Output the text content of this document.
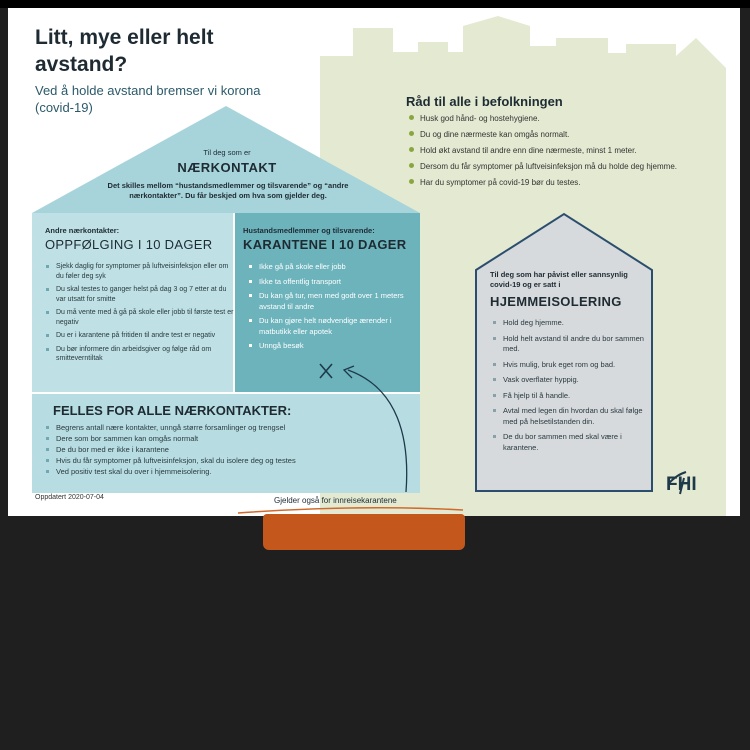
Litt, mye eller helt avstand?
Ved å holde avstand bremser vi korona (covid-19)	Råd til alle i befolkningen
Husk god hånd- og hostehygiene.
Du og dine nærmeste kan omgås normalt.
Hold økt avstand til andre enn dine nærmeste, minst 1 meter.
Dersom du får symptomer på luftveisinfeksjon må du holde deg hjemme.
Har du symptomer på covid-19 bør du testes.
Til deg som er
NÆRKONTAKT
Det skilles mellom “hustandsmedlemmer og tilsvarende” og “andre nærkontakter”. Du får beskjed om hva som gjelder deg.
Andre nærkontakter:
OPPFØLGING I 10 DAGER
Sjekk daglig for symptomer på luftveisinfeksjon eller om du føler deg syk
Du skal testes to ganger helst på dag 3 og 7 etter at du var utsatt for smitte
Du må vente med å gå på skole eller jobb til første test er negativ
Du er i karantene på fritiden til andre test er negativ
Du bør informere din arbeidsgiver og følge råd om smitteverntiltak
Hustandsmedlemmer og tilsvarende:
KARANTENE I 10 DAGER
Ikke gå på skole eller jobb
Ikke ta offentlig transport
Du kan gå tur, men med godt over 1 meters avstand til andre
Du kan gjøre helt nødvendige ærender i matbutikk eller apotek
Unngå besøk
FELLES FOR ALLE NÆRKONTAKTER:
Begrens antall nære kontakter, unngå større forsamlinger og trengsel
Dere som bor sammen kan omgås normalt
De du bor med er ikke i karantene
Hvis du får symptomer på luftveisinfeksjon, skal du isolere deg og testes
Ved positiv test skal du over i hjemmeisolering.
Til deg som har påvist eller sannsynlig covid-19 og er satt i
HJEMMEISOLERING
Hold deg hjemme.
Hold helt avstand til andre du bor sammen med.
Hvis mulig, bruk eget rom og bad.
Vask overflater hyppig.
Få hjelp til å handle.
Avtal med legen din hvordan du skal følge med på helsetilstanden din.
De du bor sammen med skal være i karantene.
Oppdatert 2020-07-04	Gjelder også for innreisekarantene
FHI
